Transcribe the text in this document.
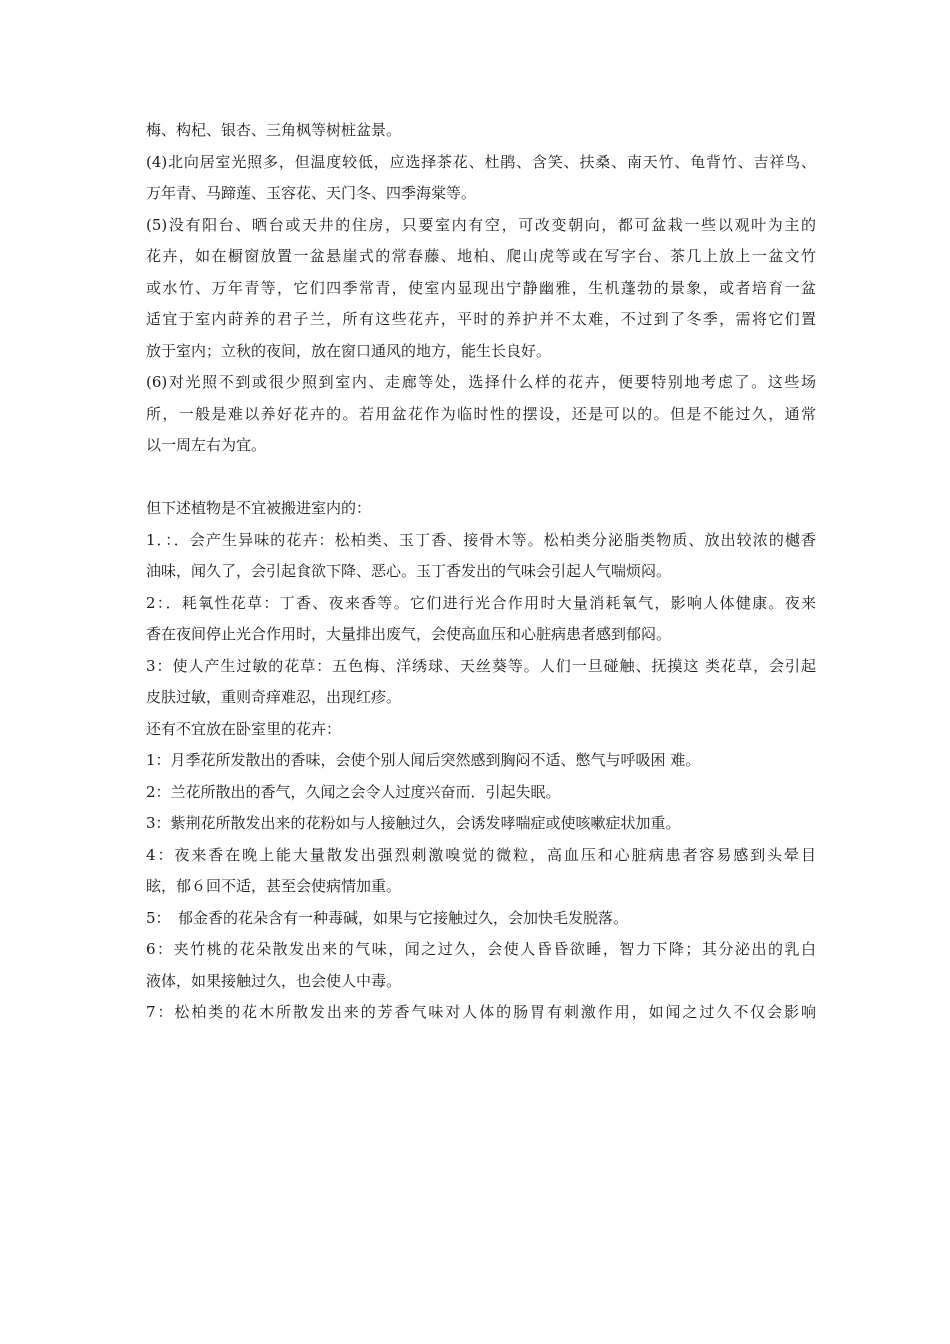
梅、构杞、银杏、三角枫等树桩盆景。
(4)北向居室光照多，但温度较低，应选择茶花、杜鹃、含笑、扶桑、南天竹、龟背竹、吉祥鸟、
万年青、马蹄莲、玉容花、天门冬、四季海棠等。
(5)没有阳台、晒台或天井的住房，只要室内有空，可改变朝向，都可盆栽一些以观叶为主的
花卉，如在橱窗放置一盆悬崖式的常春藤、地柏、爬山虎等或在写字台、茶几上放上一盆文竹
或水竹、万年青等，它们四季常青，使室内显现出宁静幽雅，生机蓬勃的景象，或者培育一盆
适宜于室内莳养的君子兰，所有这些花卉，平时的养护并不太难，不过到了冬季，需将它们置
放于室内；立秋的夜间，放在窗口通风的地方，能生长良好。
(6)对光照不到或很少照到室内、走廊等处，选择什么样的花卉，便要特别地考虑了。这些场
所，一般是难以养好花卉的。若用盆花作为临时性的摆设，还是可以的。但是不能过久，通常
以一周左右为宜。
但下述植物是不宜被搬进室内的：
1．：．会产生异味的花卉：松柏类、玉丁香、接骨木等。松柏类分泌脂类物质、放出较浓的樾香
油味，闻久了，会引起食欲下降、恶心。玉丁香发出的气味会引起人气喘烦闷。
2：．耗氧性花草：丁香、夜来香等。它们进行光合作用时大量消耗氧气，影响人体健康。夜来
香在夜间停止光合作用时，大量排出废气，会使高血压和心脏病患者感到郁闷。
3：使人产生过敏的花草：五色梅、洋绣球、天丝葵等。人们一旦碰触、抚摸这 类花草，会引起
皮肤过敏，重则奇痒难忍，出现红疹。
还有不宜放在卧室里的花卉：
1：月季花所发散出的香味，会使个别人闻后突然感到胸闷不适、憋气与呼吸困 难。
2：兰花所散出的香气，久闻之会令人过度兴奋而．引起失眠。
3：紫荆花所散发出来的花粉如与人接触过久，会诱发哮喘症或使咳嗽症状加重。
4：夜来香在晚上能大量散发出强烈刺激嗅觉的微粒，高血压和心脏病患者容易感到头晕目
眩，郁６回不适，甚至会使病情加重。
5：　郁金香的花朵含有一种毒碱，如果与它接触过久，会加快毛发脱落。
6：夹竹桃的花朵散发出来的气味，闻之过久，会使人昏昏欲睡，智力下降；其分泌出的乳白
液体，如果接触过久，也会使人中毒。
7：松柏类的花木所散发出来的芳香气味对人体的肠胃有刺激作用，如闻之过久不仅会影响
